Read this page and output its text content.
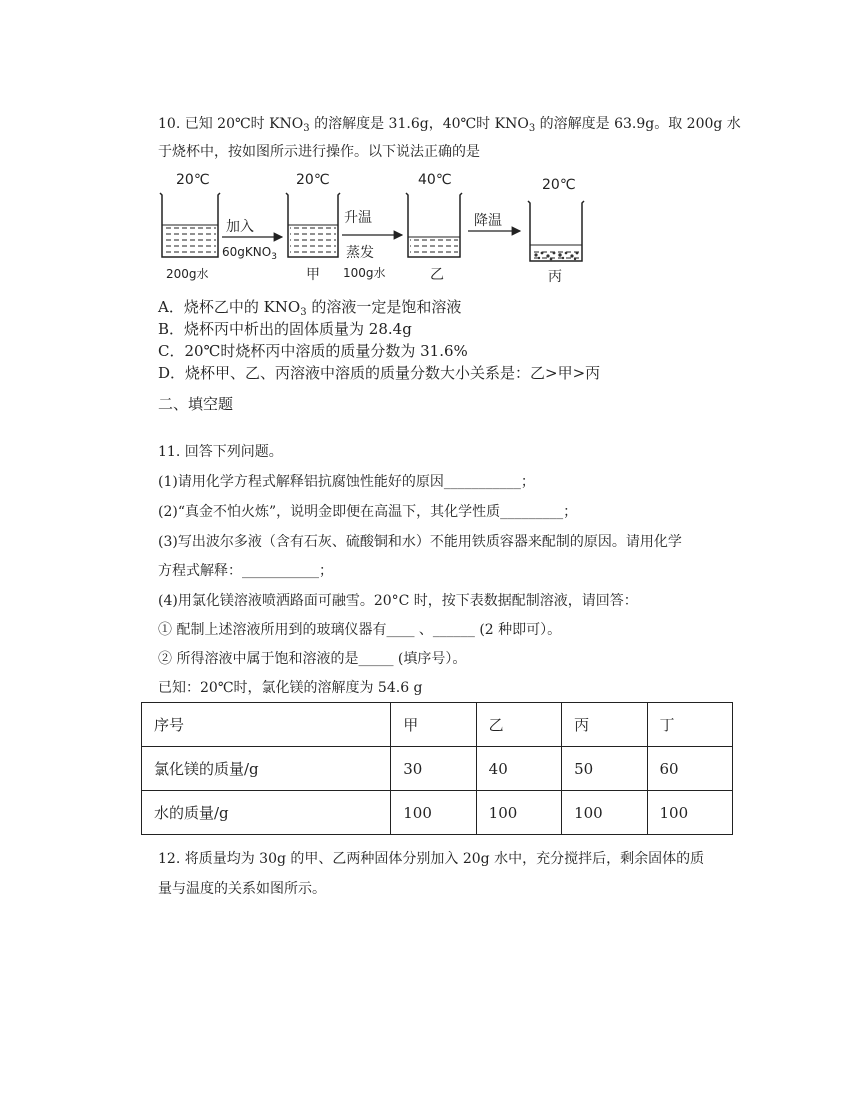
10. 已知 20℃时 $KNO_3$ 的溶解度是 31.6g，40℃时 $KNO_3$ 的溶解度是 63.9g。取 200g 水
于烧杯中，按如图所示进行操作。以下说法正确的是
20℃
200g水
加入
60gKNO$_3$
20℃
甲
升温
蒸发
100g水
40℃
乙
降温
20℃
丙
A．烧杯乙中的 $KNO_3$ 的溶液一定是饱和溶液
B．烧杯丙中析出的固体质量为 28.4g
C．20℃时烧杯丙中溶质的质量分数为 31.6%
D．烧杯甲、乙、丙溶液中溶质的质量分数大小关系是：乙>甲>丙
二、填空题
11. 回答下列问题。
(1)请用化学方程式解释铝抗腐蚀性能好的原因___________；
(2)“真金不怕火炼”，说明金即便在高温下，其化学性质_________；
(3)写出波尔多液（含有石灰、硫酸铜和水）不能用铁质容器来配制的原因。请用化学
方程式解释：___________；
(4)用氯化镁溶液喷洒路面可融雪。20°C 时，按下表数据配制溶液，请回答：
① 配制上述溶液所用到的玻璃仪器有____ 、______ (2 种即可）。
② 所得溶液中属于饱和溶液的是_____ (填序号）。
已知：20℃时，氯化镁的溶解度为 54.6 g
序号	甲	乙	丙	丁
氯化镁的质量/g	30	40	50	60
水的质量/g	100	100	100	100
12. 将质量均为 30g 的甲、乙两种固体分别加入 20g 水中，充分搅拌后，剩余固体的质
量与温度的关系如图所示。
